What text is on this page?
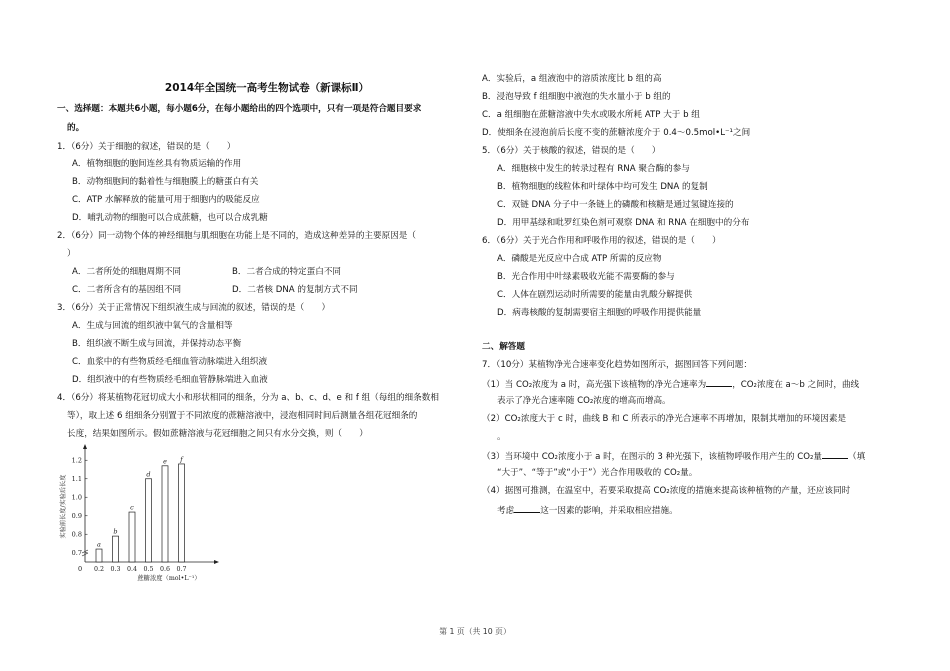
2014年全国统一高考生物试卷（新课标Ⅱ）
一、选择题：本题共6小题，每小题6分，在每小题给出的四个选项中，只有一项是符合题目要求
的。
1．（6分）关于细胞的叙述，错误的是（　　）
A．植物细胞的胞间连丝具有物质运输的作用
B．动物细胞间的黏着性与细胞膜上的糖蛋白有关
C．ATP 水解释放的能量可用于细胞内的吸能反应
D．哺乳动物的细胞可以合成蔗糖，也可以合成乳糖
2．（6分）同一动物个体的神经细胞与肌细胞在功能上是不同的，造成这种差异的主要原因是（
）
A．二者所处的细胞周期不同	B．二者合成的特定蛋白不同
C．二者所含有的基因组不同	D．二者核 DNA 的复制方式不同
3．（6分）关于正常情况下组织液生成与回流的叙述，错误的是（　　）
A．生成与回流的组织液中氧气的含量相等
B．组织液不断生成与回流，并保持动态平衡
C．血浆中的有些物质经毛细血管动脉端进入组织液
D．组织液中的有些物质经毛细血管静脉端进入血液
4．（6分）将某植物花冠切成大小和形状相同的细条，分为 a、b、c、d、e 和 f 组（每组的细条数相
等），取上述 6 组细条分别置于不同浓度的蔗糖溶液中，浸泡相同时间后测量各组花冠细条的
长度，结果如图所示。假如蔗糖溶液与花冠细胞之间只有水分交换，则（　　）
0
0.7
0.8
0.9
1.0
1.1
1.2
实验前长度/实验后长度
a
0.2
b
0.3
c
0.4
d
0.5
e
0.6
f
0.7
蔗糖浓度（mol•L⁻¹）
A．实验后，a 组液泡中的溶质浓度比 b 组的高
B．浸泡导致 f 组细胞中液泡的失水量小于 b 组的
C．a 组细胞在蔗糖溶液中失水或吸水所耗 ATP 大于 b 组
D．使细条在浸泡前后长度不变的蔗糖浓度介于 0.4～0.5mol•L⁻¹之间
5．（6分）关于核酸的叙述，错误的是（　　）
A．细胞核中发生的转录过程有 RNA 聚合酶的参与
B．植物细胞的线粒体和叶绿体中均可发生 DNA 的复制
C．双链 DNA 分子中一条链上的磷酸和核糖是通过氢键连接的
D．用甲基绿和吡罗红染色剂可观察 DNA 和 RNA 在细胞中的分布
6．（6分）关于光合作用和呼吸作用的叙述，错误的是（　　）
A．磷酸是光反应中合成 ATP 所需的反应物
B．光合作用中叶绿素吸收光能不需要酶的参与
C．人体在剧烈运动时所需要的能量由乳酸分解提供
D．病毒核酸的复制需要宿主细胞的呼吸作用提供能量
二、解答题
7．（10分）某植物净光合速率变化趋势如图所示，据图回答下列问题：
（1）当 CO₂浓度为 a 时，高光强下该植物的净光合速率为	，CO₂浓度在 a～b 之间时，曲线
表示了净光合速率随 CO₂浓度的增高而增高。
（2）CO₂浓度大于 c 时，曲线 B 和 C 所表示的净光合速率不再增加，限制其增加的环境因素是
。
（3）当环境中 CO₂浓度小于 a 时，在图示的 3 种光强下，该植物呼吸作用产生的 CO₂量	（填
“大于”、“等于”或“小于”）光合作用吸收的 CO₂量。
（4）据图可推测，在温室中，若要采取提高 CO₂浓度的措施来提高该种植物的产量，还应该同时
考虑	这一因素的影响，并采取相应措施。
第 1 页（共 10 页）
